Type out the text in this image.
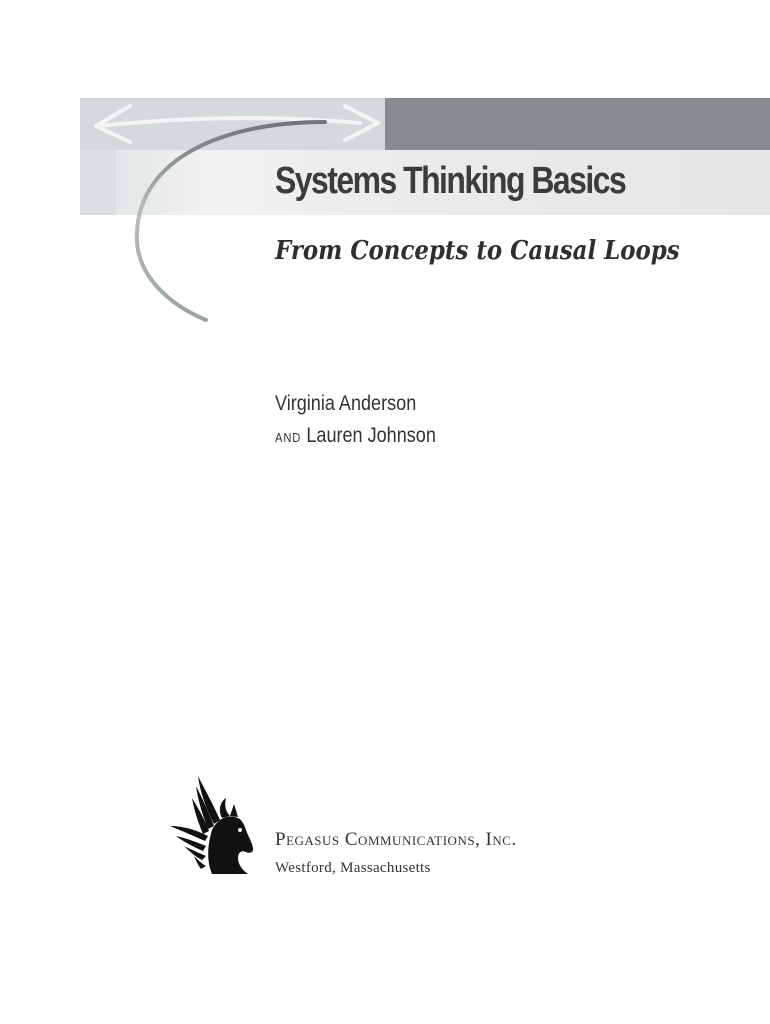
Systems Thinking Basics
From Concepts to Causal Loops
Virginia Anderson
AND Lauren Johnson

Pegasus Communications, Inc.

Westford, Massachusetts
